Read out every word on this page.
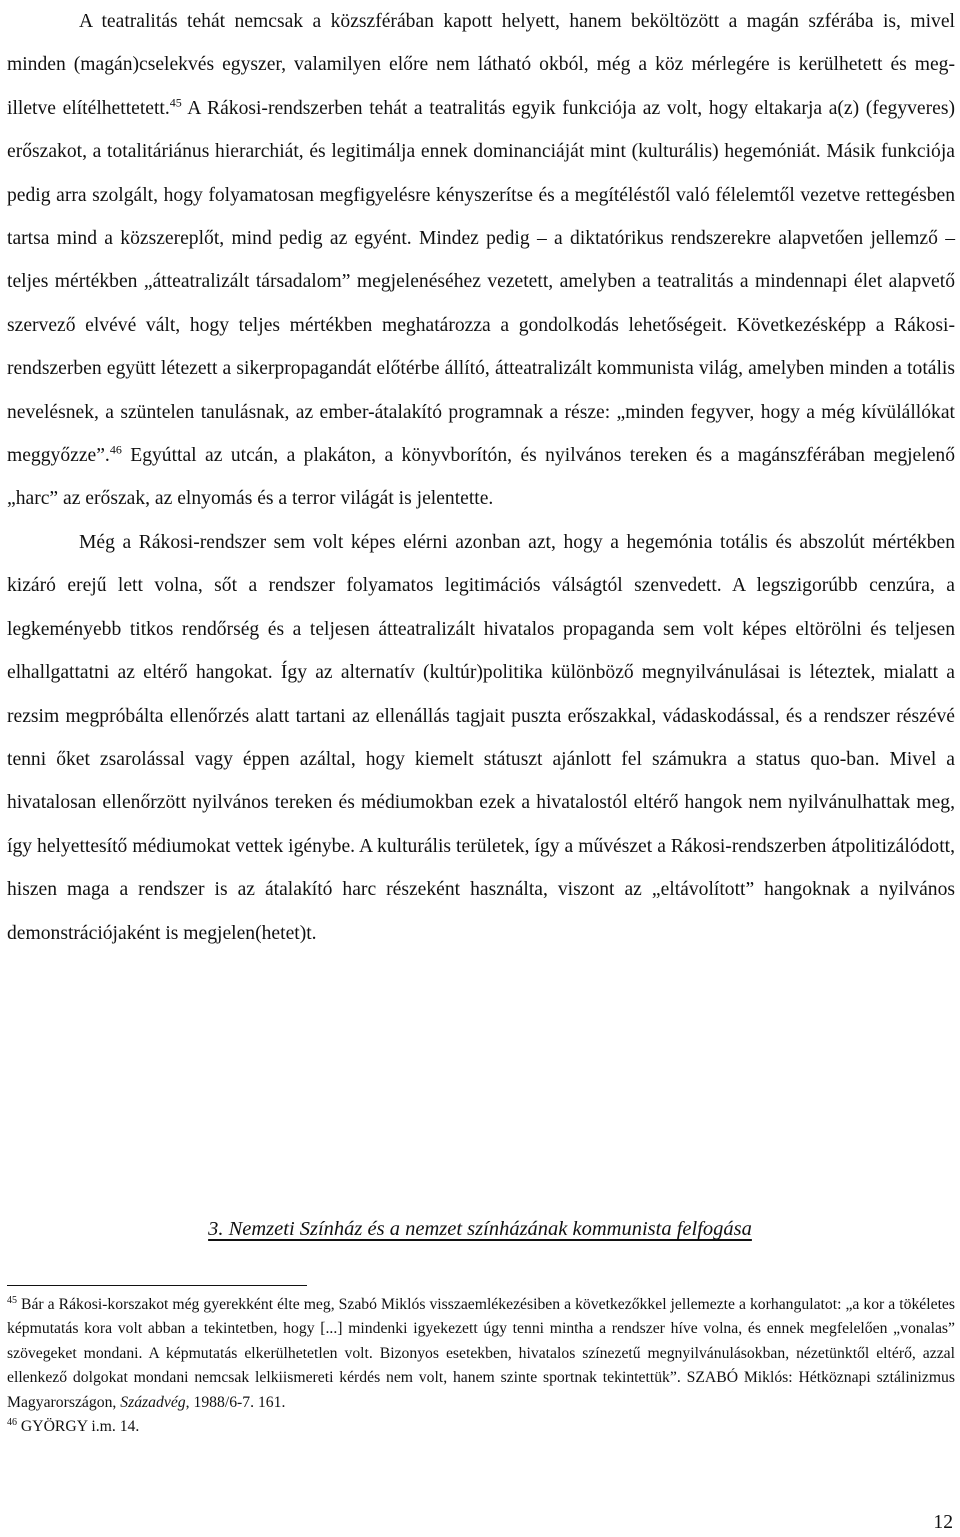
A teatralitás tehát nemcsak a közszférában kapott helyett, hanem beköltözött a magán szférába is, mivel minden (magán)cselekvés egyszer, valamilyen előre nem látható okból, még a köz mérlegére is kerülhetett és meg- illetve elítélhettetett.$^{45}$ A Rákosi-rendszerben tehát a teatralitás egyik funkciója az volt, hogy eltakarja a(z) (fegyveres) erőszakot, a totalitáriánus hierarchiát, és legitimálja ennek dominanciáját mint (kulturális) hegemóniát. Másik funkciója pedig arra szolgált, hogy folyamatosan megfigyelésre kényszerítse és a megítéléstől való félelemtől vezetve rettegésben tartsa mind a közszereplőt, mind pedig az egyént. Mindez pedig – a diktatórikus rendszerekre alapvetően jellemző – teljes mértékben „átteatralizált társadalom” megjelenéséhez vezetett, amelyben a teatralitás a mindennapi élet alapvető szervező elvévé vált, hogy teljes mértékben meghatározza a gondolkodás lehetőségeit. Következésképp a Rákosi-rendszerben együtt létezett a sikerpropagandát előtérbe állító, átteatralizált kommunista világ, amelyben minden a totális nevelésnek, a szüntelen tanulásnak, az ember-átalakító programnak a része: „minden fegyver, hogy a még kívülállókat meggyőzze”.$^{46}$ Egyúttal az utcán, a plakáton, a könyvborítón, és nyilvános tereken és a magánszférában megjelenő „harc” az erőszak, az elnyomás és a terror világát is jelentette.

Még a Rákosi-rendszer sem volt képes elérni azonban azt, hogy a hegemónia totális és abszolút mértékben kizáró erejű lett volna, sőt a rendszer folyamatos legitimációs válságtól szenvedett. A legszigorúbb cenzúra, a legkeményebb titkos rendőrség és a teljesen átteatralizált hivatalos propaganda sem volt képes eltörölni és teljesen elhallgattatni az eltérő hangokat. Így az alternatív (kultúr)politika különböző megnyilvánulásai is léteztek, mialatt a rezsim megpróbálta ellenőrzés alatt tartani az ellenállás tagjait puszta erőszakkal, vádaskodással, és a rendszer részévé tenni őket zsarolással vagy éppen azáltal, hogy kiemelt státuszt ajánlott fel számukra a status quo-ban. Mivel a hivatalosan ellenőrzött nyilvános tereken és médiumokban ezek a hivatalostól eltérő hangok nem nyilvánulhattak meg, így helyettesítő médiumokat vettek igénybe. A kulturális területek, így a művészet a Rákosi-rendszerben átpolitizálódott, hiszen maga a rendszer is az átalakító harc részeként használta, viszont az „eltávolított” hangoknak a nyilvános demonstrációjaként is megjelen(hetet)t.

3. Nemzeti Színház és a nemzet színházának kommunista felfogása

$^{45}$ Bár a Rákosi-korszakot még gyerekként élte meg, Szabó Miklós visszaemlékezésiben a következőkkel jellemezte a korhangulatot: „a kor a tökéletes képmutatás kora volt abban a tekintetben, hogy [...] mindenki igyekezett úgy tenni mintha a rendszer híve volna, és ennek megfelelően „vonalas” szövegeket mondani. A képmutatás elkerülhetetlen volt. Bizonyos esetekben, hivatalos színezetű megnyilvánulásokban, nézetünktől eltérő, azzal ellenkező dolgokat mondani nemcsak lelkiismereti kérdés nem volt, hanem szinte sportnak tekintettük”. SZABÓ Miklós: Hétköznapi sztálinizmus Magyarországon, Századvég, 1988/6-7. 161.

$^{46}$ GYÖRGY i.m. 14.

12
